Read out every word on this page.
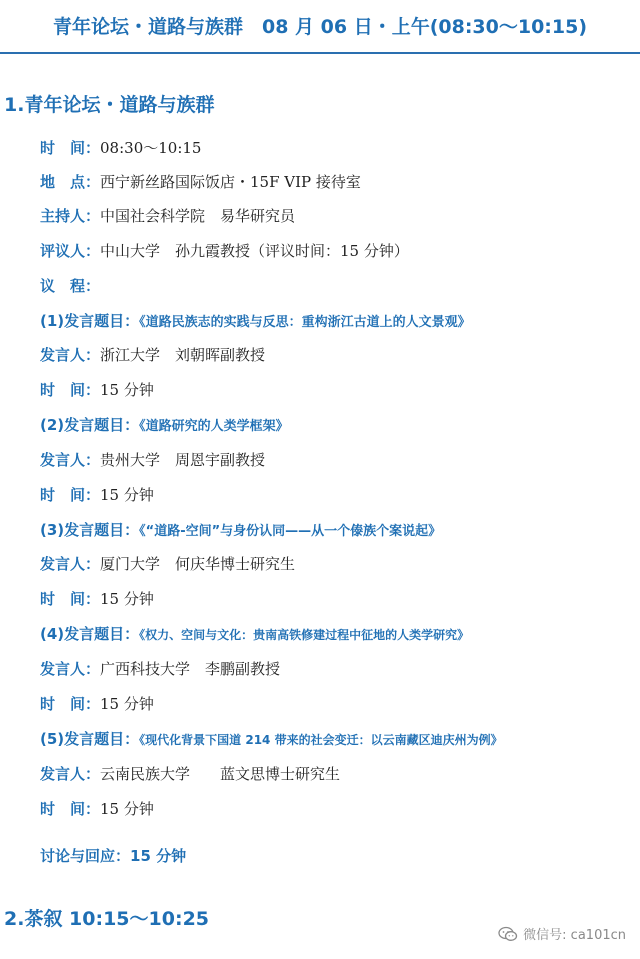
青年论坛・道路与族群　08 月 06 日・上午(08:30～10:15)
1.青年论坛・道路与族群
时　间：08:30～10:15
地　点：西宁新丝路国际饭店・15F VIP 接待室
主持人：中国社会科学院　易华研究员
评议人：中山大学　孙九霞教授（评议时间：15 分钟）
议　程：
(1)发言题目：《道路民族志的实践与反思：重构浙江古道上的人文景观》
发言人：浙江大学　刘朝晖副教授
时　间：15 分钟
(2)发言题目：《道路研究的人类学框架》
发言人：贵州大学　周恩宇副教授
时　间：15 分钟
(3)发言题目：《“道路-空间”与身份认同——从一个傣族个案说起》
发言人：厦门大学　何庆华博士研究生
时　间：15 分钟
(4)发言题目：《权力、空间与文化：贵南高铁修建过程中征地的人类学研究》
发言人：广西科技大学　李鹏副教授
时　间：15 分钟
(5)发言题目：《现代化背景下国道 214 带来的社会变迁：以云南藏区迪庆州为例》
发言人：云南民族大学　　蓝文思博士研究生
时　间：15 分钟
讨论与回应：15 分钟
2.茶叙 10:15～10:25
微信号: ca101cn
